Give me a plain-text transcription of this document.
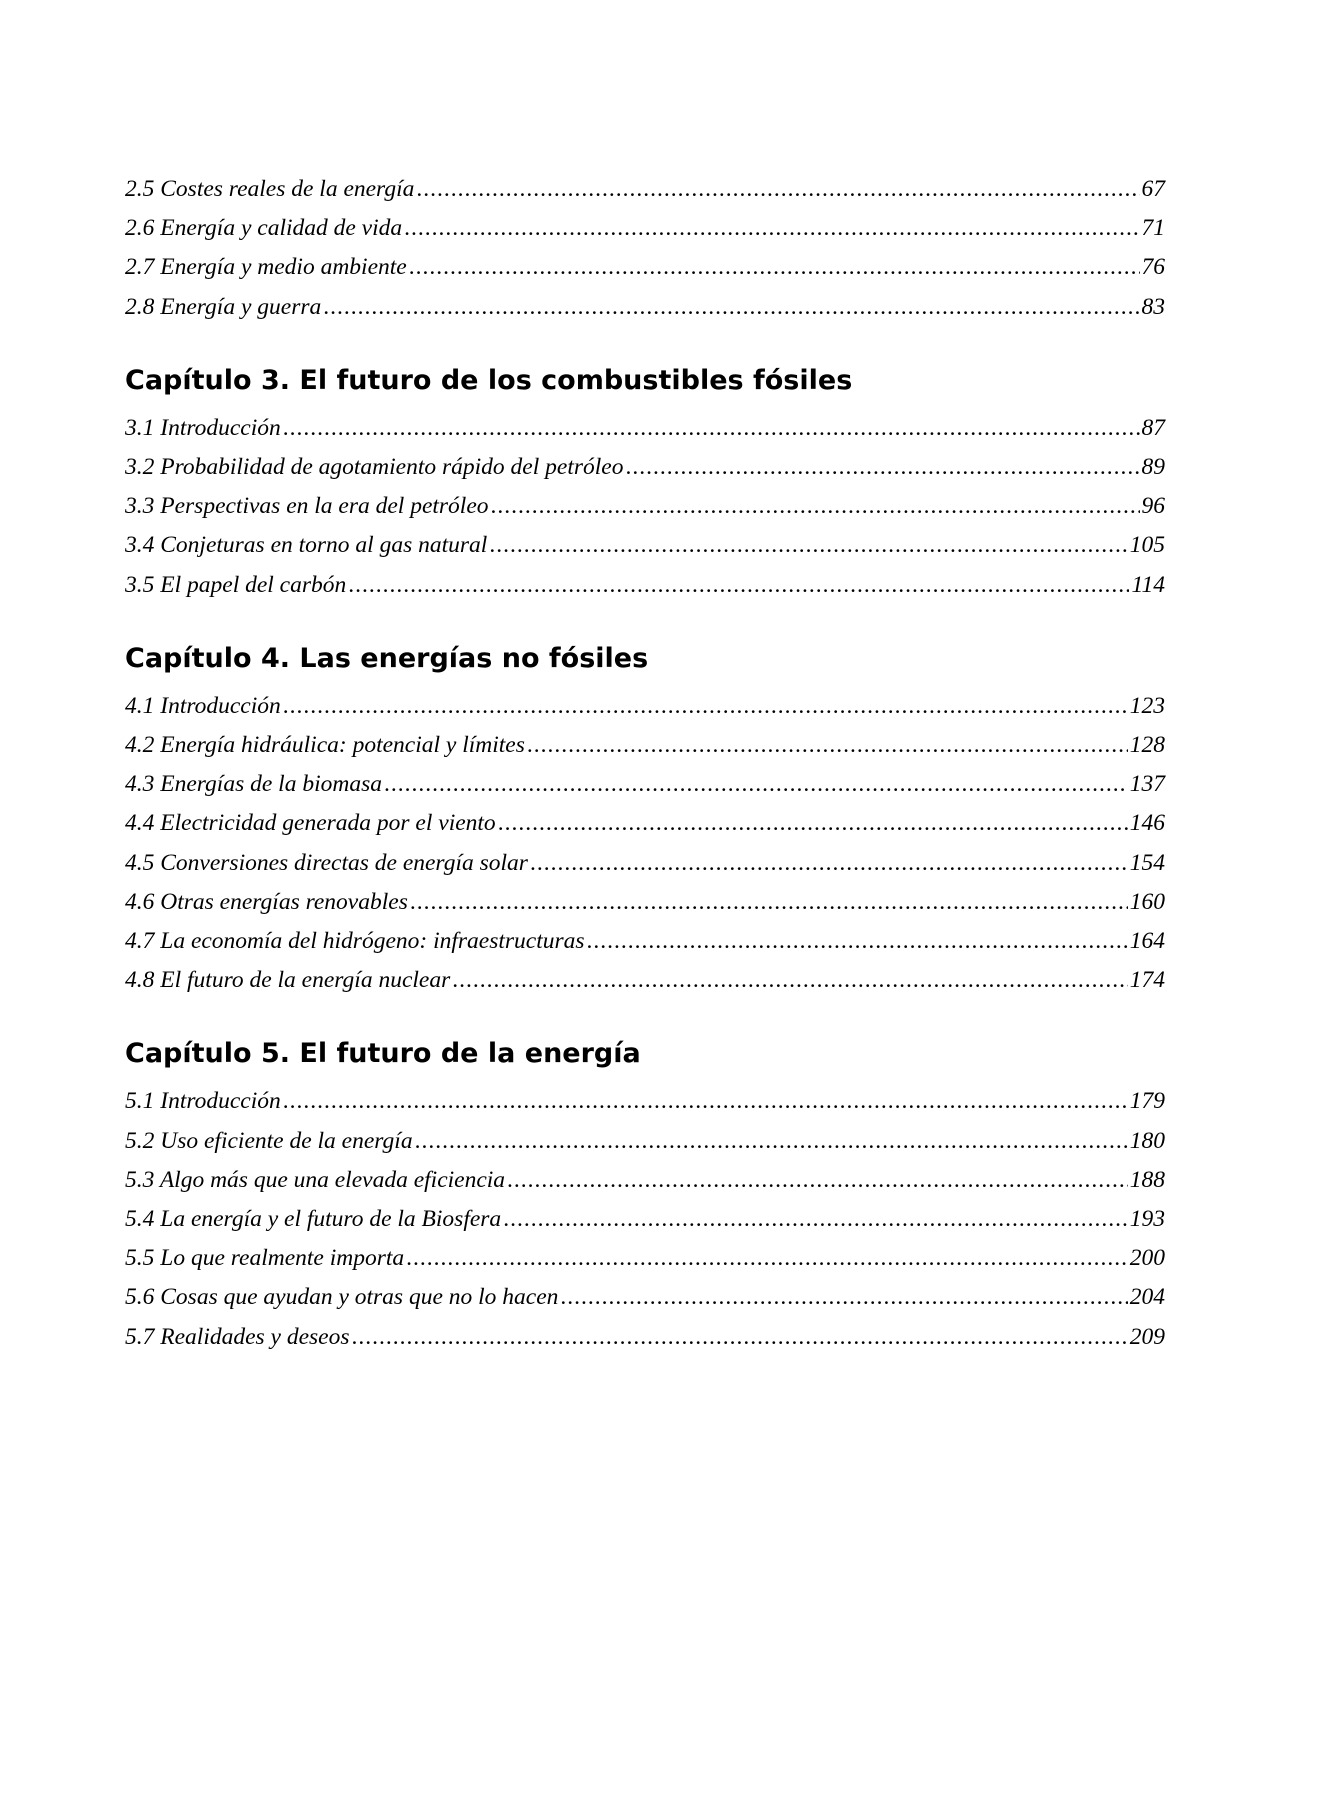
2.5 Costes reales de la energía .....	67
2.6 Energía y calidad de vida .....	71
2.7 Energía y medio ambiente .....	76
2.8 Energía y guerra .....	83
Capítulo 3. El futuro de los combustibles fósiles
3.1 Introducción .....	87
3.2 Probabilidad de agotamiento rápido del petróleo .....	89
3.3 Perspectivas en la era del petróleo .....	96
3.4 Conjeturas en torno al gas natural .....	105
3.5 El papel del carbón .....	114
Capítulo 4. Las energías no fósiles
4.1 Introducción .....	123
4.2 Energía hidráulica: potencial y límites .....	128
4.3 Energías de la biomasa .....	137
4.4 Electricidad generada por el viento .....	146
4.5 Conversiones directas de energía solar .....	154
4.6 Otras energías renovables .....	160
4.7 La economía del hidrógeno: infraestructuras .....	164
4.8 El futuro de la energía nuclear .....	174
Capítulo 5. El futuro de la energía
5.1 Introducción .....	179
5.2 Uso eficiente de la energía .....	180
5.3 Algo más que una elevada eficiencia .....	188
5.4 La energía y el futuro de la Biosfera .....	193
5.5 Lo que realmente importa .....	200
5.6 Cosas que ayudan y otras que no lo hacen .....	204
5.7 Realidades y deseos .....	209
